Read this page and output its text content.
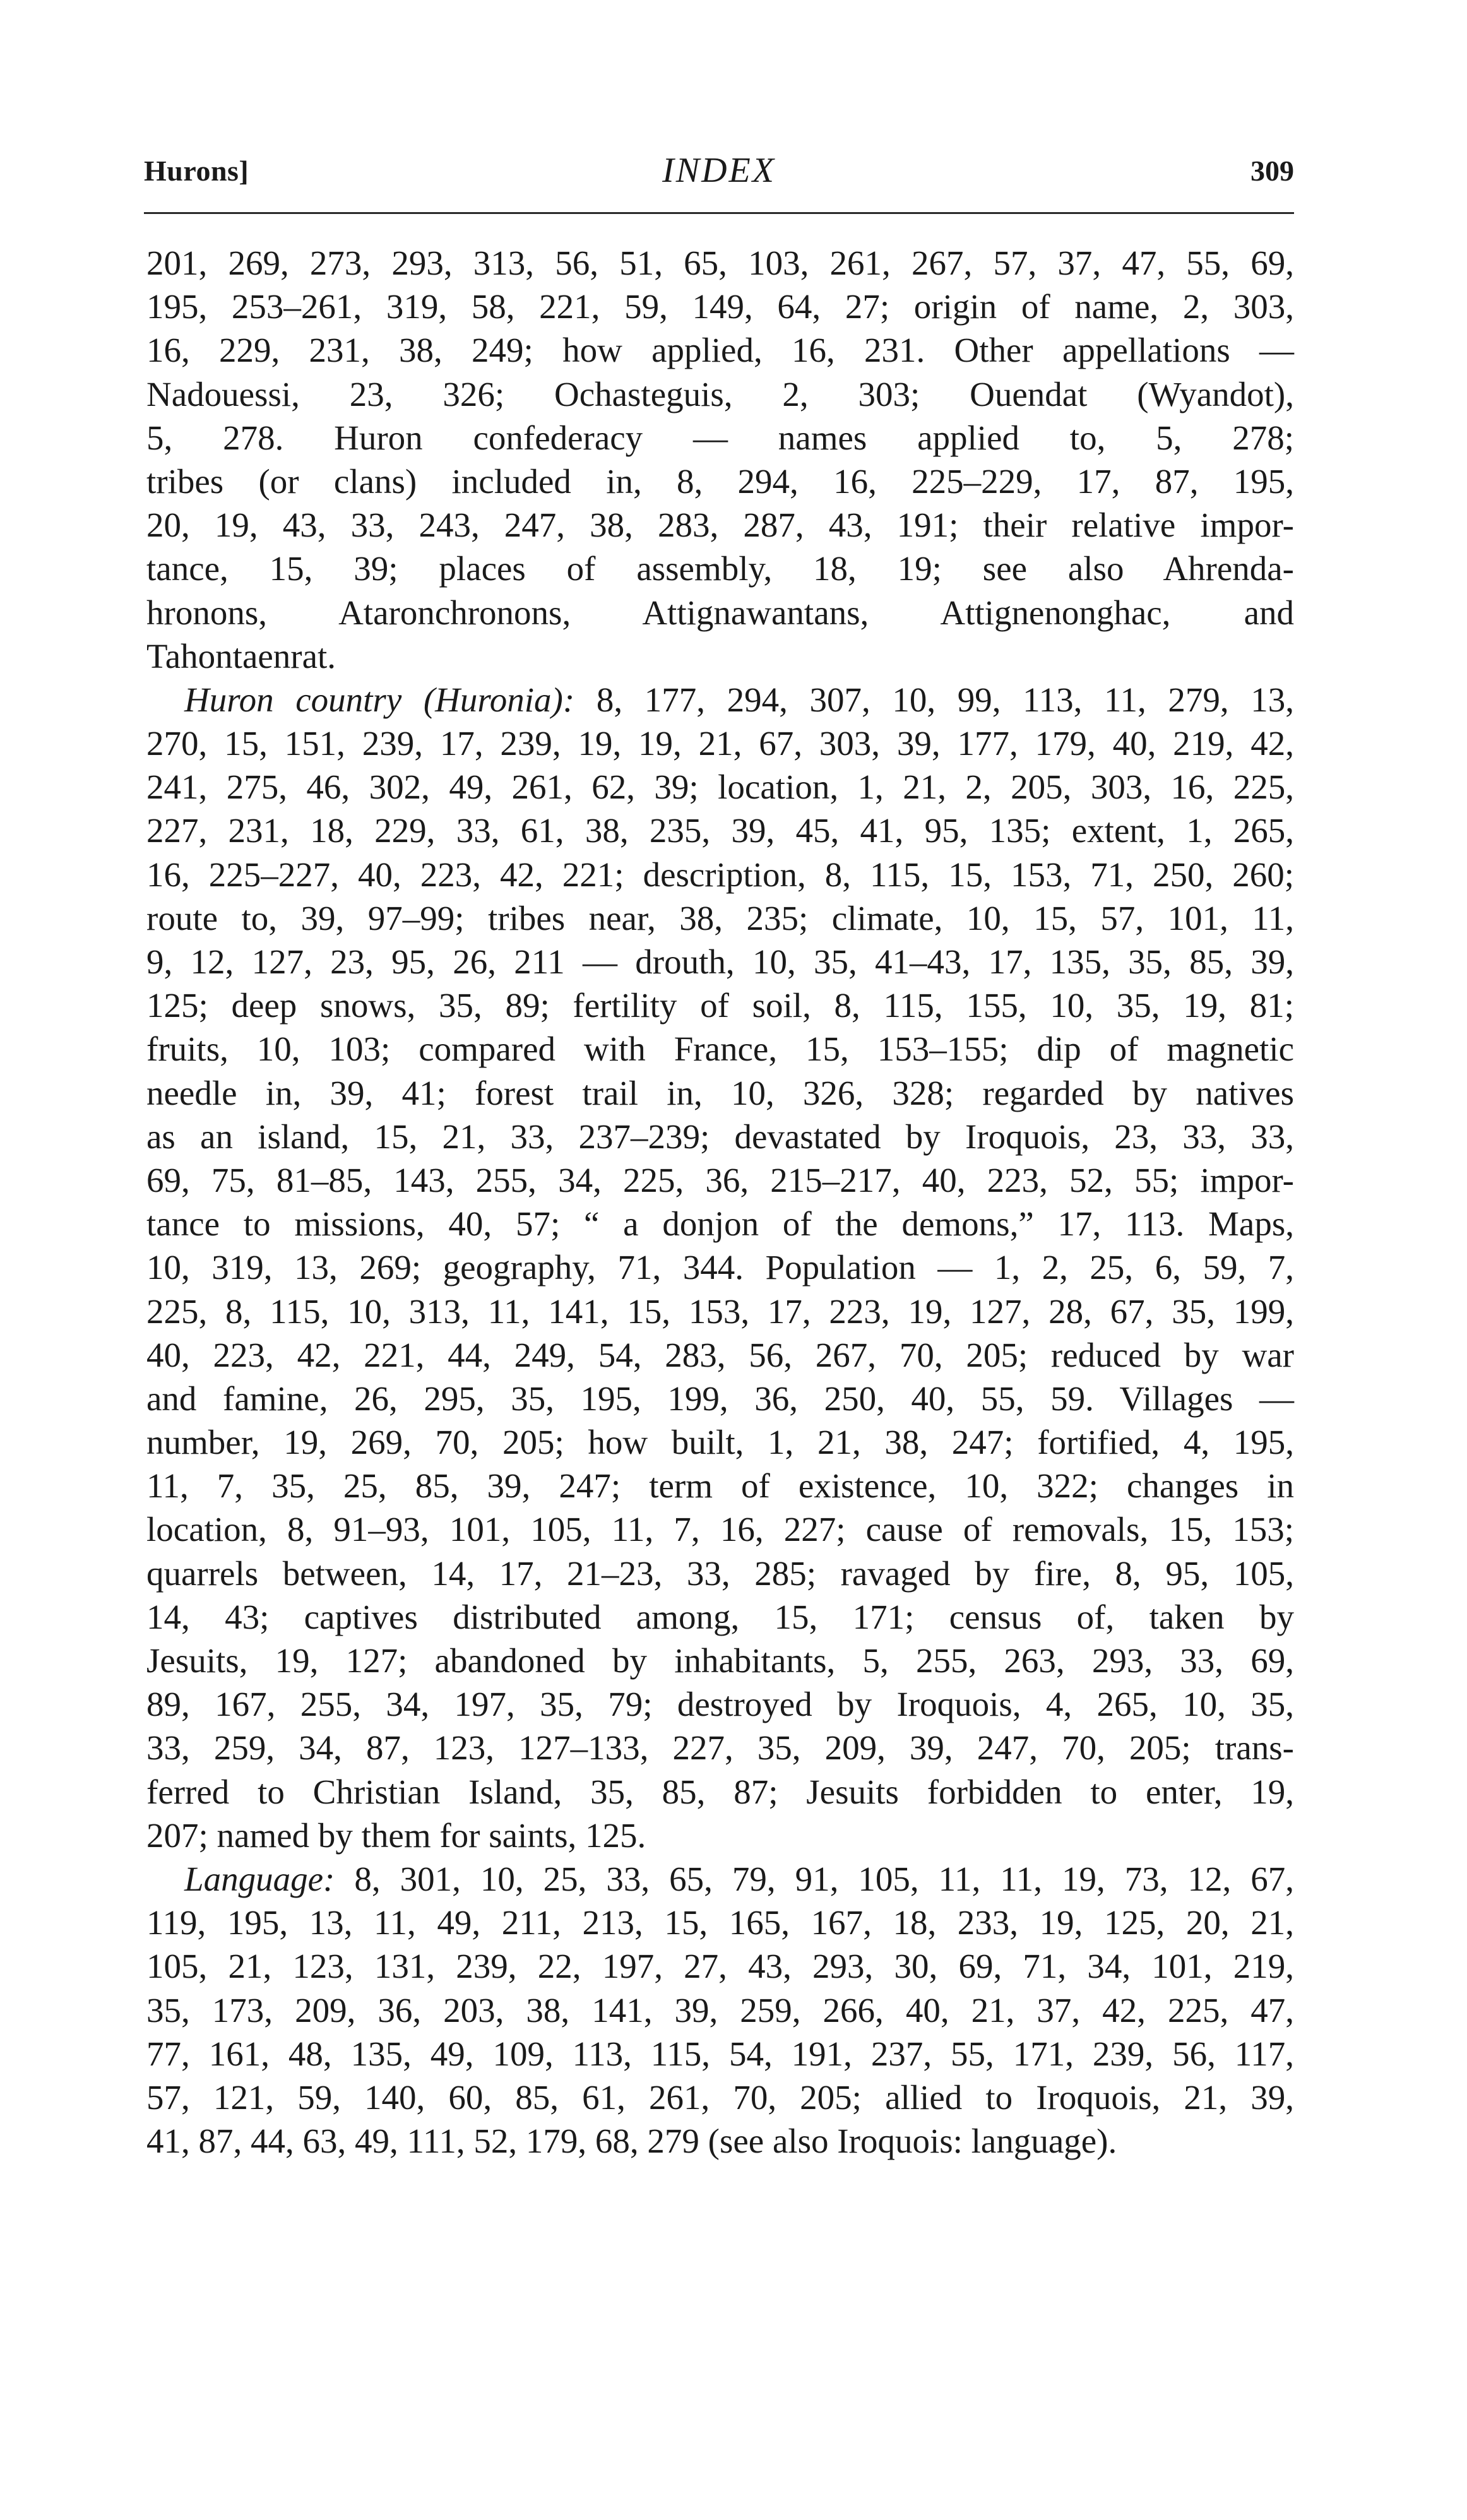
Hurons]	INDEX	309
201, 269, 273, 293, 313, 56, 51, 65, 103, 261, 267, 57, 37, 47, 55, 69,
195, 253–261, 319, 58, 221, 59, 149, 64, 27; origin of name, 2, 303,
16, 229, 231, 38, 249; how applied, 16, 231. Other appellations —
Nadouessi, 23, 326; Ochasteguis, 2, 303; Ouendat (Wyandot),
5, 278. Huron confederacy — names applied to, 5, 278;
tribes (or clans) included in, 8, 294, 16, 225–229, 17, 87, 195,
20, 19, 43, 33, 243, 247, 38, 283, 287, 43, 191; their relative impor-
tance, 15, 39; places of assembly, 18, 19; see also Ahrenda-
hronons, Ataronchronons, Attignawantans, Attignenonghac, and
Tahontaenrat.
Huron country (Huronia): 8, 177, 294, 307, 10, 99, 113, 11, 279, 13,
270, 15, 151, 239, 17, 239, 19, 19, 21, 67, 303, 39, 177, 179, 40, 219, 42,
241, 275, 46, 302, 49, 261, 62, 39; location, 1, 21, 2, 205, 303, 16, 225,
227, 231, 18, 229, 33, 61, 38, 235, 39, 45, 41, 95, 135; extent, 1, 265,
16, 225–227, 40, 223, 42, 221; description, 8, 115, 15, 153, 71, 250, 260;
route to, 39, 97–99; tribes near, 38, 235; climate, 10, 15, 57, 101, 11,
9, 12, 127, 23, 95, 26, 211 — drouth, 10, 35, 41–43, 17, 135, 35, 85, 39,
125; deep snows, 35, 89; fertility of soil, 8, 115, 155, 10, 35, 19, 81;
fruits, 10, 103; compared with France, 15, 153–155; dip of magnetic
needle in, 39, 41; forest trail in, 10, 326, 328; regarded by natives
as an island, 15, 21, 33, 237–239; devastated by Iroquois, 23, 33, 33,
69, 75, 81–85, 143, 255, 34, 225, 36, 215–217, 40, 223, 52, 55; impor-
tance to missions, 40, 57; “ a donjon of the demons,” 17, 113. Maps,
10, 319, 13, 269; geography, 71, 344. Population — 1, 2, 25, 6, 59, 7,
225, 8, 115, 10, 313, 11, 141, 15, 153, 17, 223, 19, 127, 28, 67, 35, 199,
40, 223, 42, 221, 44, 249, 54, 283, 56, 267, 70, 205; reduced by war
and famine, 26, 295, 35, 195, 199, 36, 250, 40, 55, 59. Villages —
number, 19, 269, 70, 205; how built, 1, 21, 38, 247; fortified, 4, 195,
11, 7, 35, 25, 85, 39, 247; term of existence, 10, 322; changes in
location, 8, 91–93, 101, 105, 11, 7, 16, 227; cause of removals, 15, 153;
quarrels between, 14, 17, 21–23, 33, 285; ravaged by fire, 8, 95, 105,
14, 43; captives distributed among, 15, 171; census of, taken by
Jesuits, 19, 127; abandoned by inhabitants, 5, 255, 263, 293, 33, 69,
89, 167, 255, 34, 197, 35, 79; destroyed by Iroquois, 4, 265, 10, 35,
33, 259, 34, 87, 123, 127–133, 227, 35, 209, 39, 247, 70, 205; trans-
ferred to Christian Island, 35, 85, 87; Jesuits forbidden to enter, 19,
207; named by them for saints, 125.
Language: 8, 301, 10, 25, 33, 65, 79, 91, 105, 11, 11, 19, 73, 12, 67,
119, 195, 13, 11, 49, 211, 213, 15, 165, 167, 18, 233, 19, 125, 20, 21,
105, 21, 123, 131, 239, 22, 197, 27, 43, 293, 30, 69, 71, 34, 101, 219,
35, 173, 209, 36, 203, 38, 141, 39, 259, 266, 40, 21, 37, 42, 225, 47,
77, 161, 48, 135, 49, 109, 113, 115, 54, 191, 237, 55, 171, 239, 56, 117,
57, 121, 59, 140, 60, 85, 61, 261, 70, 205; allied to Iroquois, 21, 39,
41, 87, 44, 63, 49, 111, 52, 179, 68, 279 (see also Iroquois: language).
